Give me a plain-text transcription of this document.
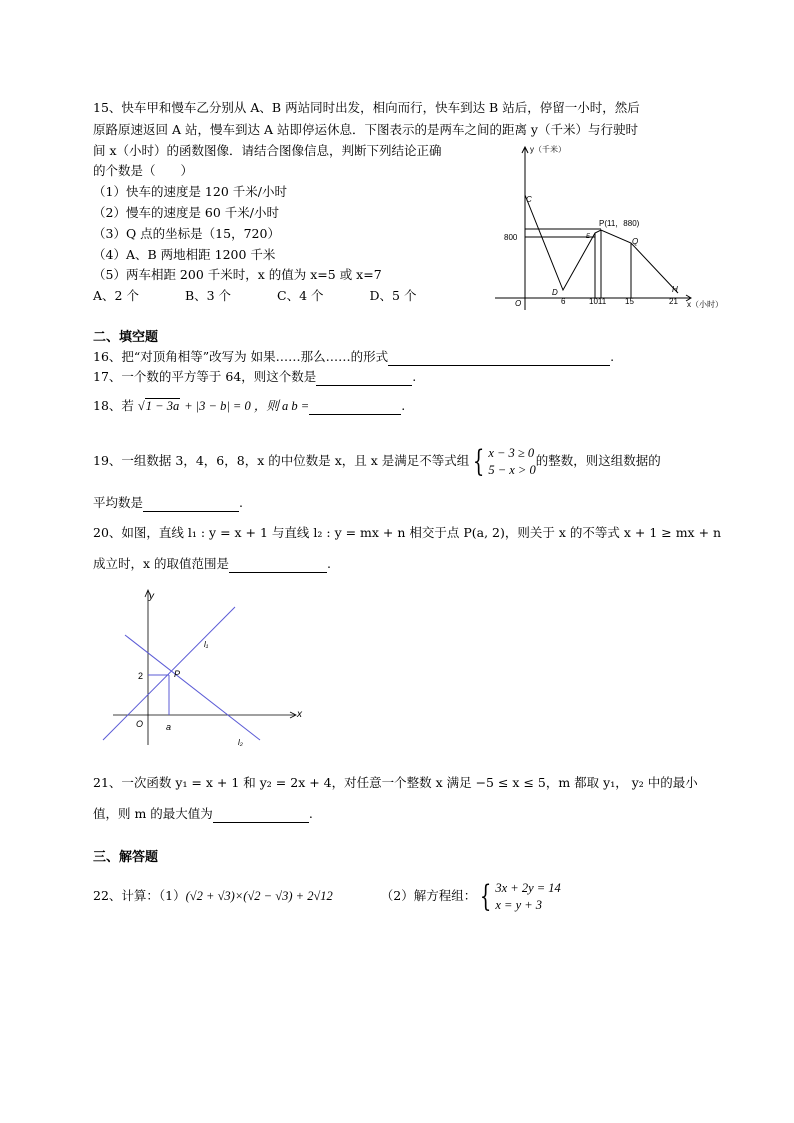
15、快车甲和慢车乙分别从 A、B 两站同时出发，相向而行，快车到达 B 站后，停留一小时，然后
原路原速返回 A 站，慢车到达 A 站即停运休息．下图表示的是两车之间的距离 y（千米）与行驶时
间 x（小时）的函数图像．请结合图像信息，判断下列结论正确
的个数是（　　）
（1）快车的速度是 120 千米/小时
（2）慢车的速度是 60 千米/小时
（3）Q 点的坐标是（15，720）
（4）A、B 两地相距 1200 千米
（5）两车相距 200 千米时，x 的值为 x=5 或 x=7
A、2 个	B、3 个	C、4 个	D、5 个
y（千米）
x（小时）
O
800
6	1011 15	21
C
D
E
P(11，880)
Q
H
二、填空题
16、把“对顶角相等”改写为 如果……那么……的形式	.
17、一个数的平方等于 64，则这个数是	.
18、若 √1 − 3a + |3 − b| = 0 ，则 a b =	.
19、一组数据 3，4，6，8，x 的中位数是 x，且 x 是满足不等式组 { x − 3 ≥ 0
5 − x > 0的整数，则这组数据的
平均数是	.
20、如图，直线 l₁ : y = x + 1 与直线 l₂ : y = mx + n 相交于点 P(a, 2)，则关于 x 的不等式 x + 1 ≥ mx + n
成立时，x 的取值范围是	.
y
x
O
2	P
a
l₁
l₂
21、一次函数 y₁ = x + 1 和 y₂ = 2x + 4，对任意一个整数 x 满足 −5 ≤ x ≤ 5，m 都取 y₁， y₂ 中的最小
值，则 m 的最大值为	.
三、解答题
22、计算：（1）(√2 + √3)×(√2 − √3) + 2√12	（2）解方程组： { 3x + 2y = 14
x = y + 3
